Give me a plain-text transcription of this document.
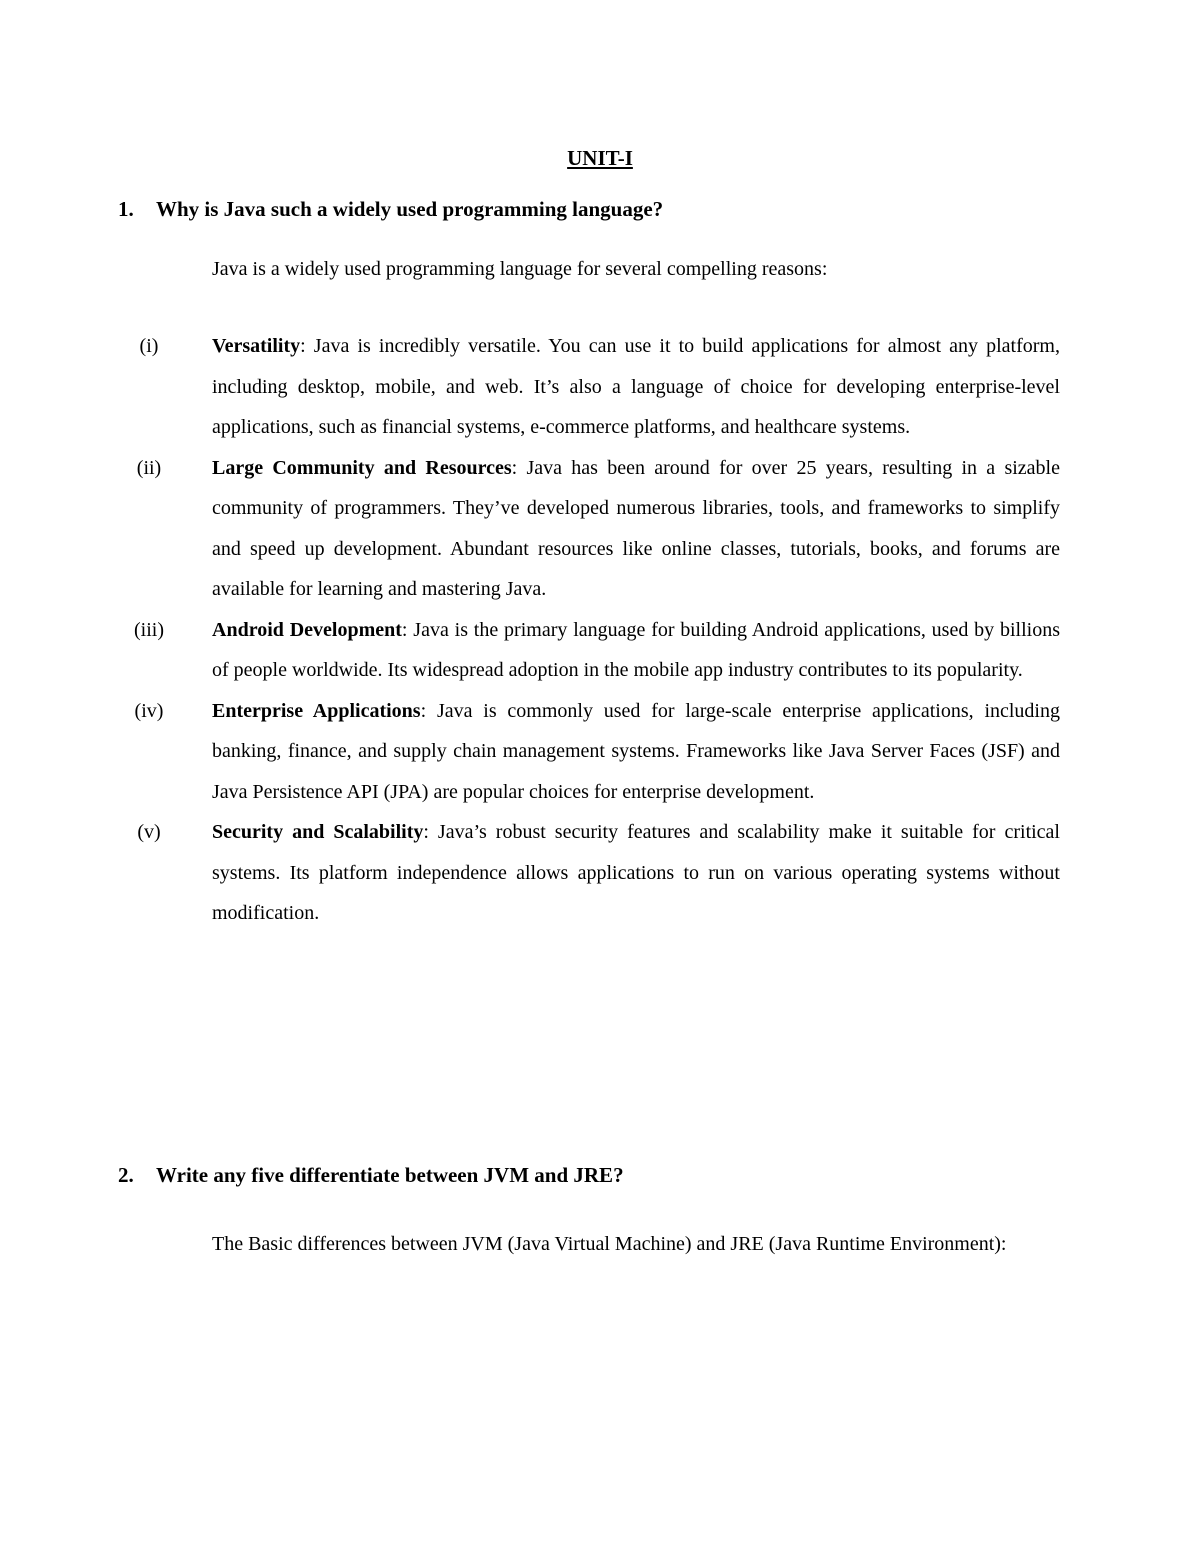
UNIT-I
1. Why is Java such a widely used programming language?
Java is a widely used programming language for several compelling reasons:
(i)	Versatility: Java is incredibly versatile. You can use it to build applications for almost any platform, including desktop, mobile, and web. It’s also a language of choice for developing enterprise-level applications, such as financial systems, e-commerce platforms, and healthcare systems.
(ii)	Large Community and Resources: Java has been around for over 25 years, resulting in a sizable community of programmers. They’ve developed numerous libraries, tools, and frameworks to simplify and speed up development. Abundant resources like online classes, tutorials, books, and forums are available for learning and mastering Java.
(iii)	Android Development: Java is the primary language for building Android applications, used by billions of people worldwide. Its widespread adoption in the mobile app industry contributes to its popularity.
(iv)	Enterprise Applications: Java is commonly used for large-scale enterprise applications, including banking, finance, and supply chain management systems. Frameworks like Java Server Faces (JSF) and Java Persistence API (JPA) are popular choices for enterprise development.
(v)	Security and Scalability: Java’s robust security features and scalability make it suitable for critical systems. Its platform independence allows applications to run on various operating systems without modification.
2. Write any five differentiate between JVM and JRE?
The Basic differences between JVM (Java Virtual Machine) and JRE (Java Runtime Environment):
